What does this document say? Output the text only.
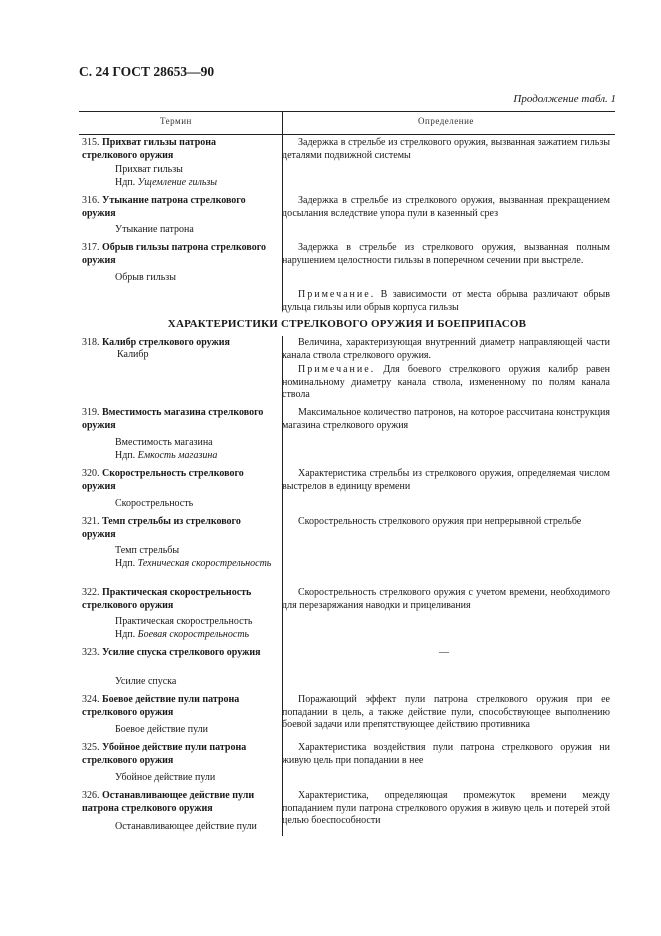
С. 24 ГОСТ 28653—90
Продолжение табл. 1
Термин	Определение
315. Прихват гильзы патрона стрелкового оружия
Прихват гильзы
Ндп. Ущемление гильзы
Задержка в стрельбе из стрелкового оружия, вызванная зажатием гильзы деталями подвижной системы
316. Утыкание патрона стрелкового оружия
Утыкание патрона
Задержка в стрельбе из стрелкового оружия, вызванная прекращением досылания вследствие упора пули в казенный срез
317. Обрыв гильзы патрона стрелкового оружия
Обрыв гильзы
Задержка в стрельбе из стрелкового оружия, вызванная полным нарушением целостности гильзы в поперечном сечении при выстреле.
Примечание. В зависимости от места обрыва различают обрыв дульца гильзы или обрыв корпуса гильзы
ХАРАКТЕРИСТИКИ СТРЕЛКОВОГО ОРУЖИЯ И БОЕПРИПАСОВ
318. Калибр стрелкового оружия
Калибр
Величина, характеризующая внутренний диаметр направляющей части канала ствола стрелкового оружия.
Примечание. Для боевого стрелкового оружия калибр равен номинальному диаметру канала ствола, измененному по полям канала ствола
319. Вместимость магазина стрелкового оружия
Вместимость магазина
Ндп. Емкость магазина
Максимальное количество патронов, на которое рассчитана конструкция магазина стрелкового оружия
320. Скорострельность стрелкового оружия
Скорострельность
Характеристика стрельбы из стрелкового оружия, определяемая числом выстрелов в единицу времени
321. Темп стрельбы из стрелкового оружия
Темп стрельбы
Ндп. Техническая скорострельность
Скорострельность стрелкового оружия при непрерывной стрельбе
322. Практическая скорострельность стрелкового оружия
Практическая скорострельность
Ндп. Боевая скорострельность
Скорострельность стрелкового оружия с учетом времени, необходимого для перезаряжания наводки и прицеливания
323. Усилие спуска стрелкового оружия
Усилие спуска
—
324. Боевое действие пули патрона стрелкового оружия
Боевое действие пули
Поражающий эффект пули патрона стрелкового оружия при ее попадании в цель, а также действие пули, способствующее выполнению боевой задачи или препятствующее действию противника
325. Убойное действие пули патрона стрелкового оружия
Убойное действие пули
Характеристика воздействия пули патрона стрелкового оружия ни живую цель при попадании в нее
326. Останавливающее действие пули патрона стрелкового оружия
Останавливающее действие пули
Характеристика, определяющая промежуток времени между попаданием пули патрона стрелкового оружия в живую цель и потерей этой целью боеспособности
